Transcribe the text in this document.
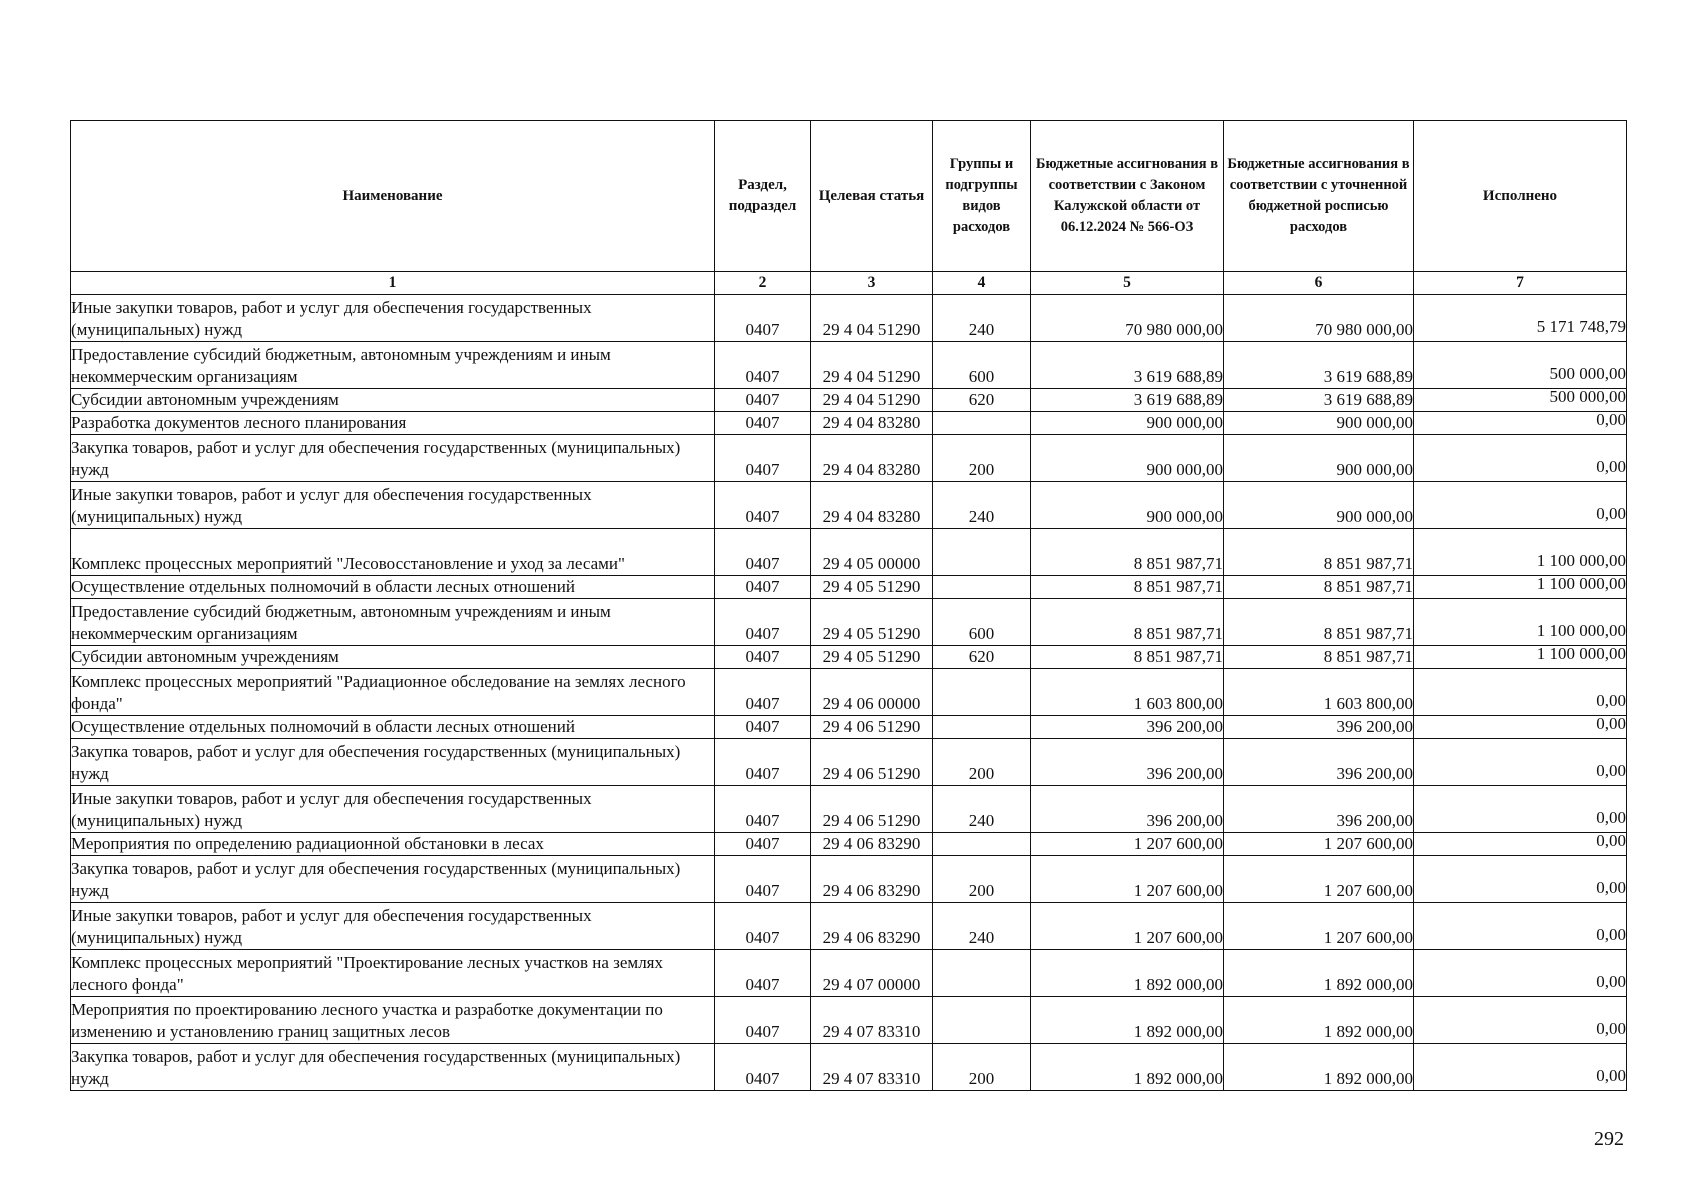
Наименование	Раздел, подраздел	Целевая статья	Группы и подгруппы видов расходов	Бюджетные ассигнования в соответствии с Законом Калужской области от 06.12.2024 № 566-ОЗ	Бюджетные ассигнования в соответствии с уточненной бюджетной росписью расходов	Исполнено

1	2	3	4	5	6	7
Иные закупки товаров, работ и услуг для обеспечения государственных (муниципальных) нужд	0407	29 4 04 51290	240	70 980 000,00	70 980 000,00	5 171 748,79
Предоставление субсидий бюджетным, автономным учреждениям и иным некоммерческим организациям	0407	29 4 04 51290	600	3 619 688,89	3 619 688,89	500 000,00
Субсидии автономным учреждениям	0407	29 4 04 51290	620	3 619 688,89	3 619 688,89	500 000,00
Разработка документов лесного планирования	0407	29 4 04 83280		900 000,00	900 000,00	0,00
Закупка товаров, работ и услуг для обеспечения государственных (муниципальных) нужд	0407	29 4 04 83280	200	900 000,00	900 000,00	0,00
Иные закупки товаров, работ и услуг для обеспечения государственных (муниципальных) нужд	0407	29 4 04 83280	240	900 000,00	900 000,00	0,00
Комплекс процессных мероприятий "Лесовосстановление и уход за лесами"	0407	29 4 05 00000		8 851 987,71	8 851 987,71	1 100 000,00
Осуществление отдельных полномочий в области лесных отношений	0407	29 4 05 51290		8 851 987,71	8 851 987,71	1 100 000,00
Предоставление субсидий бюджетным, автономным учреждениям и иным некоммерческим организациям	0407	29 4 05 51290	600	8 851 987,71	8 851 987,71	1 100 000,00
Субсидии автономным учреждениям	0407	29 4 05 51290	620	8 851 987,71	8 851 987,71	1 100 000,00
Комплекс процессных мероприятий "Радиационное обследование на землях лесного фонда"	0407	29 4 06 00000		1 603 800,00	1 603 800,00	0,00
Осуществление отдельных полномочий в области лесных отношений	0407	29 4 06 51290		396 200,00	396 200,00	0,00
Закупка товаров, работ и услуг для обеспечения государственных (муниципальных) нужд	0407	29 4 06 51290	200	396 200,00	396 200,00	0,00
Иные закупки товаров, работ и услуг для обеспечения государственных (муниципальных) нужд	0407	29 4 06 51290	240	396 200,00	396 200,00	0,00
Мероприятия по определению радиационной обстановки в лесах	0407	29 4 06 83290		1 207 600,00	1 207 600,00	0,00
Закупка товаров, работ и услуг для обеспечения государственных (муниципальных) нужд	0407	29 4 06 83290	200	1 207 600,00	1 207 600,00	0,00
Иные закупки товаров, работ и услуг для обеспечения государственных (муниципальных) нужд	0407	29 4 06 83290	240	1 207 600,00	1 207 600,00	0,00
Комплекс процессных мероприятий "Проектирование лесных участков на землях лесного фонда"	0407	29 4 07 00000		1 892 000,00	1 892 000,00	0,00
Мероприятия по проектированию лесного участка и разработке документации по изменению и установлению границ защитных лесов	0407	29 4 07 83310		1 892 000,00	1 892 000,00	0,00
Закупка товаров, работ и услуг для обеспечения государственных (муниципальных) нужд	0407	29 4 07 83310	200	1 892 000,00	1 892 000,00	0,00
292
